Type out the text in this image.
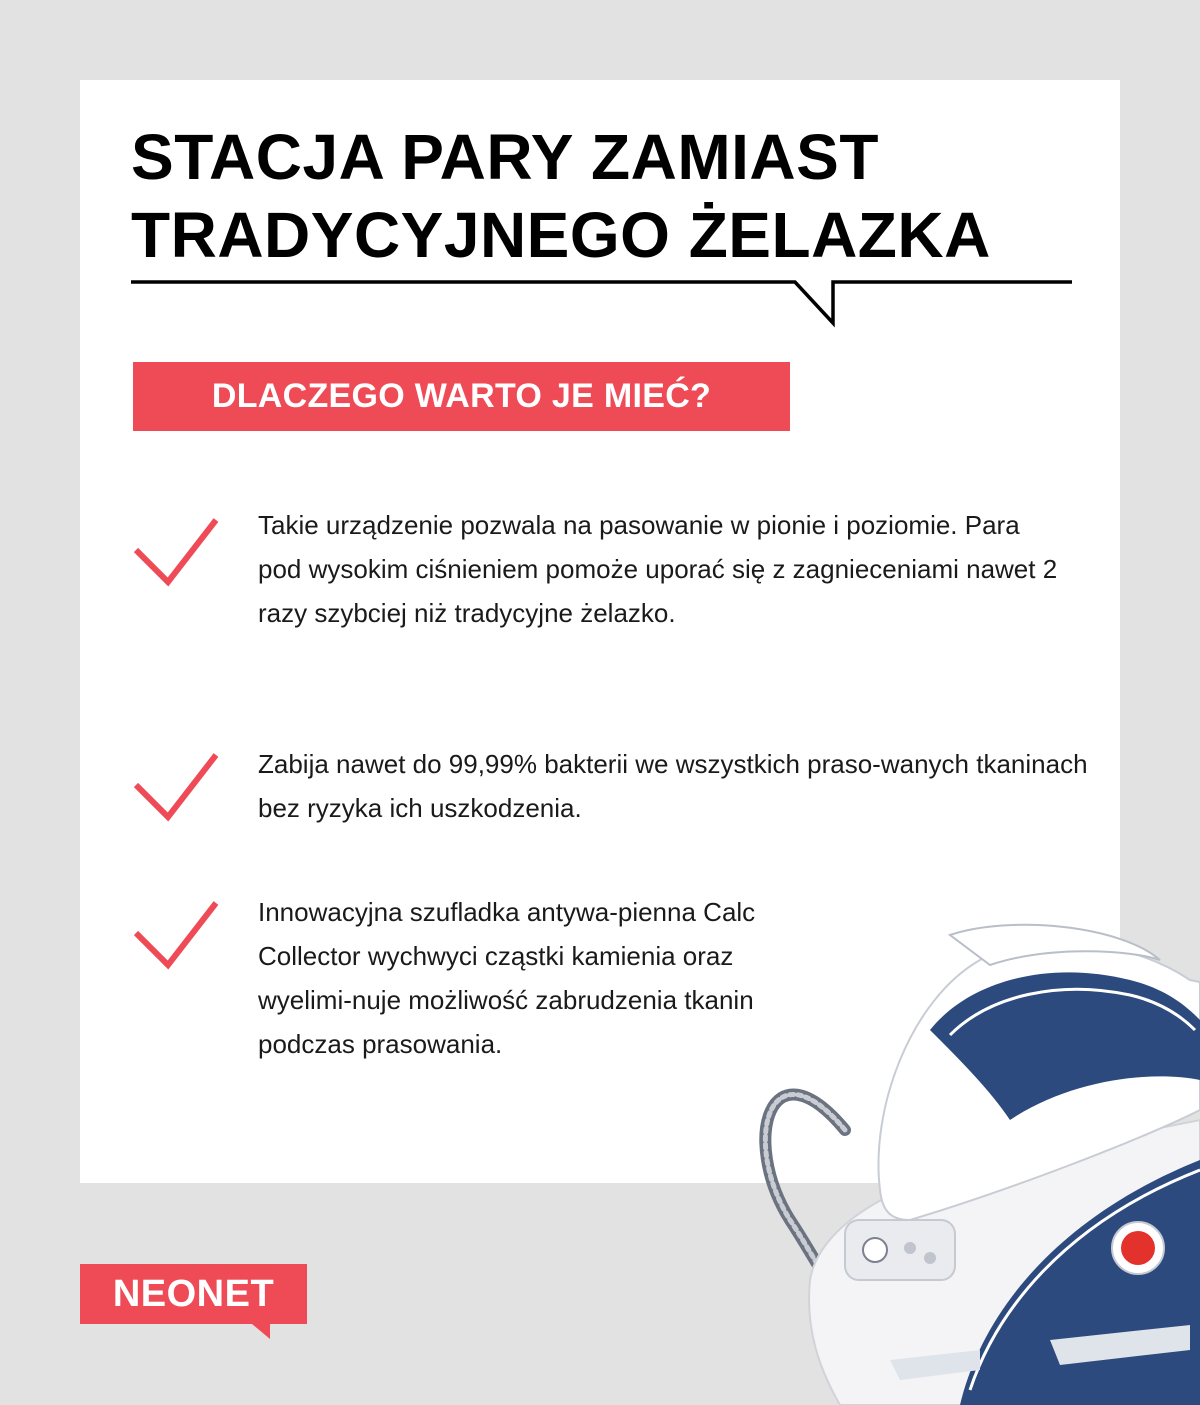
STACJA PARY ZAMIAST
TRADYCYJNEGO ŻELAZKA
DLACZEGO WARTO JE MIEĆ?

Takie urządzenie pozwala na pasowanie w pionie i poziomie. Para pod wysokim ciśnieniem pomoże uporać się z zagnieceniami nawet 2 razy szybciej niż tradycyjne żelazko.

Zabija nawet do 99,99% bakterii we wszystkich praso-wanych tkaninach bez ryzyka ich uszkodzenia.

Innowacyjna szufladka antywa-pienna Calc Collector wychwyci cząstki kamienia oraz wyelimi-nuje możliwość zabrudzenia tkanin podczas prasowania.

NEONET
